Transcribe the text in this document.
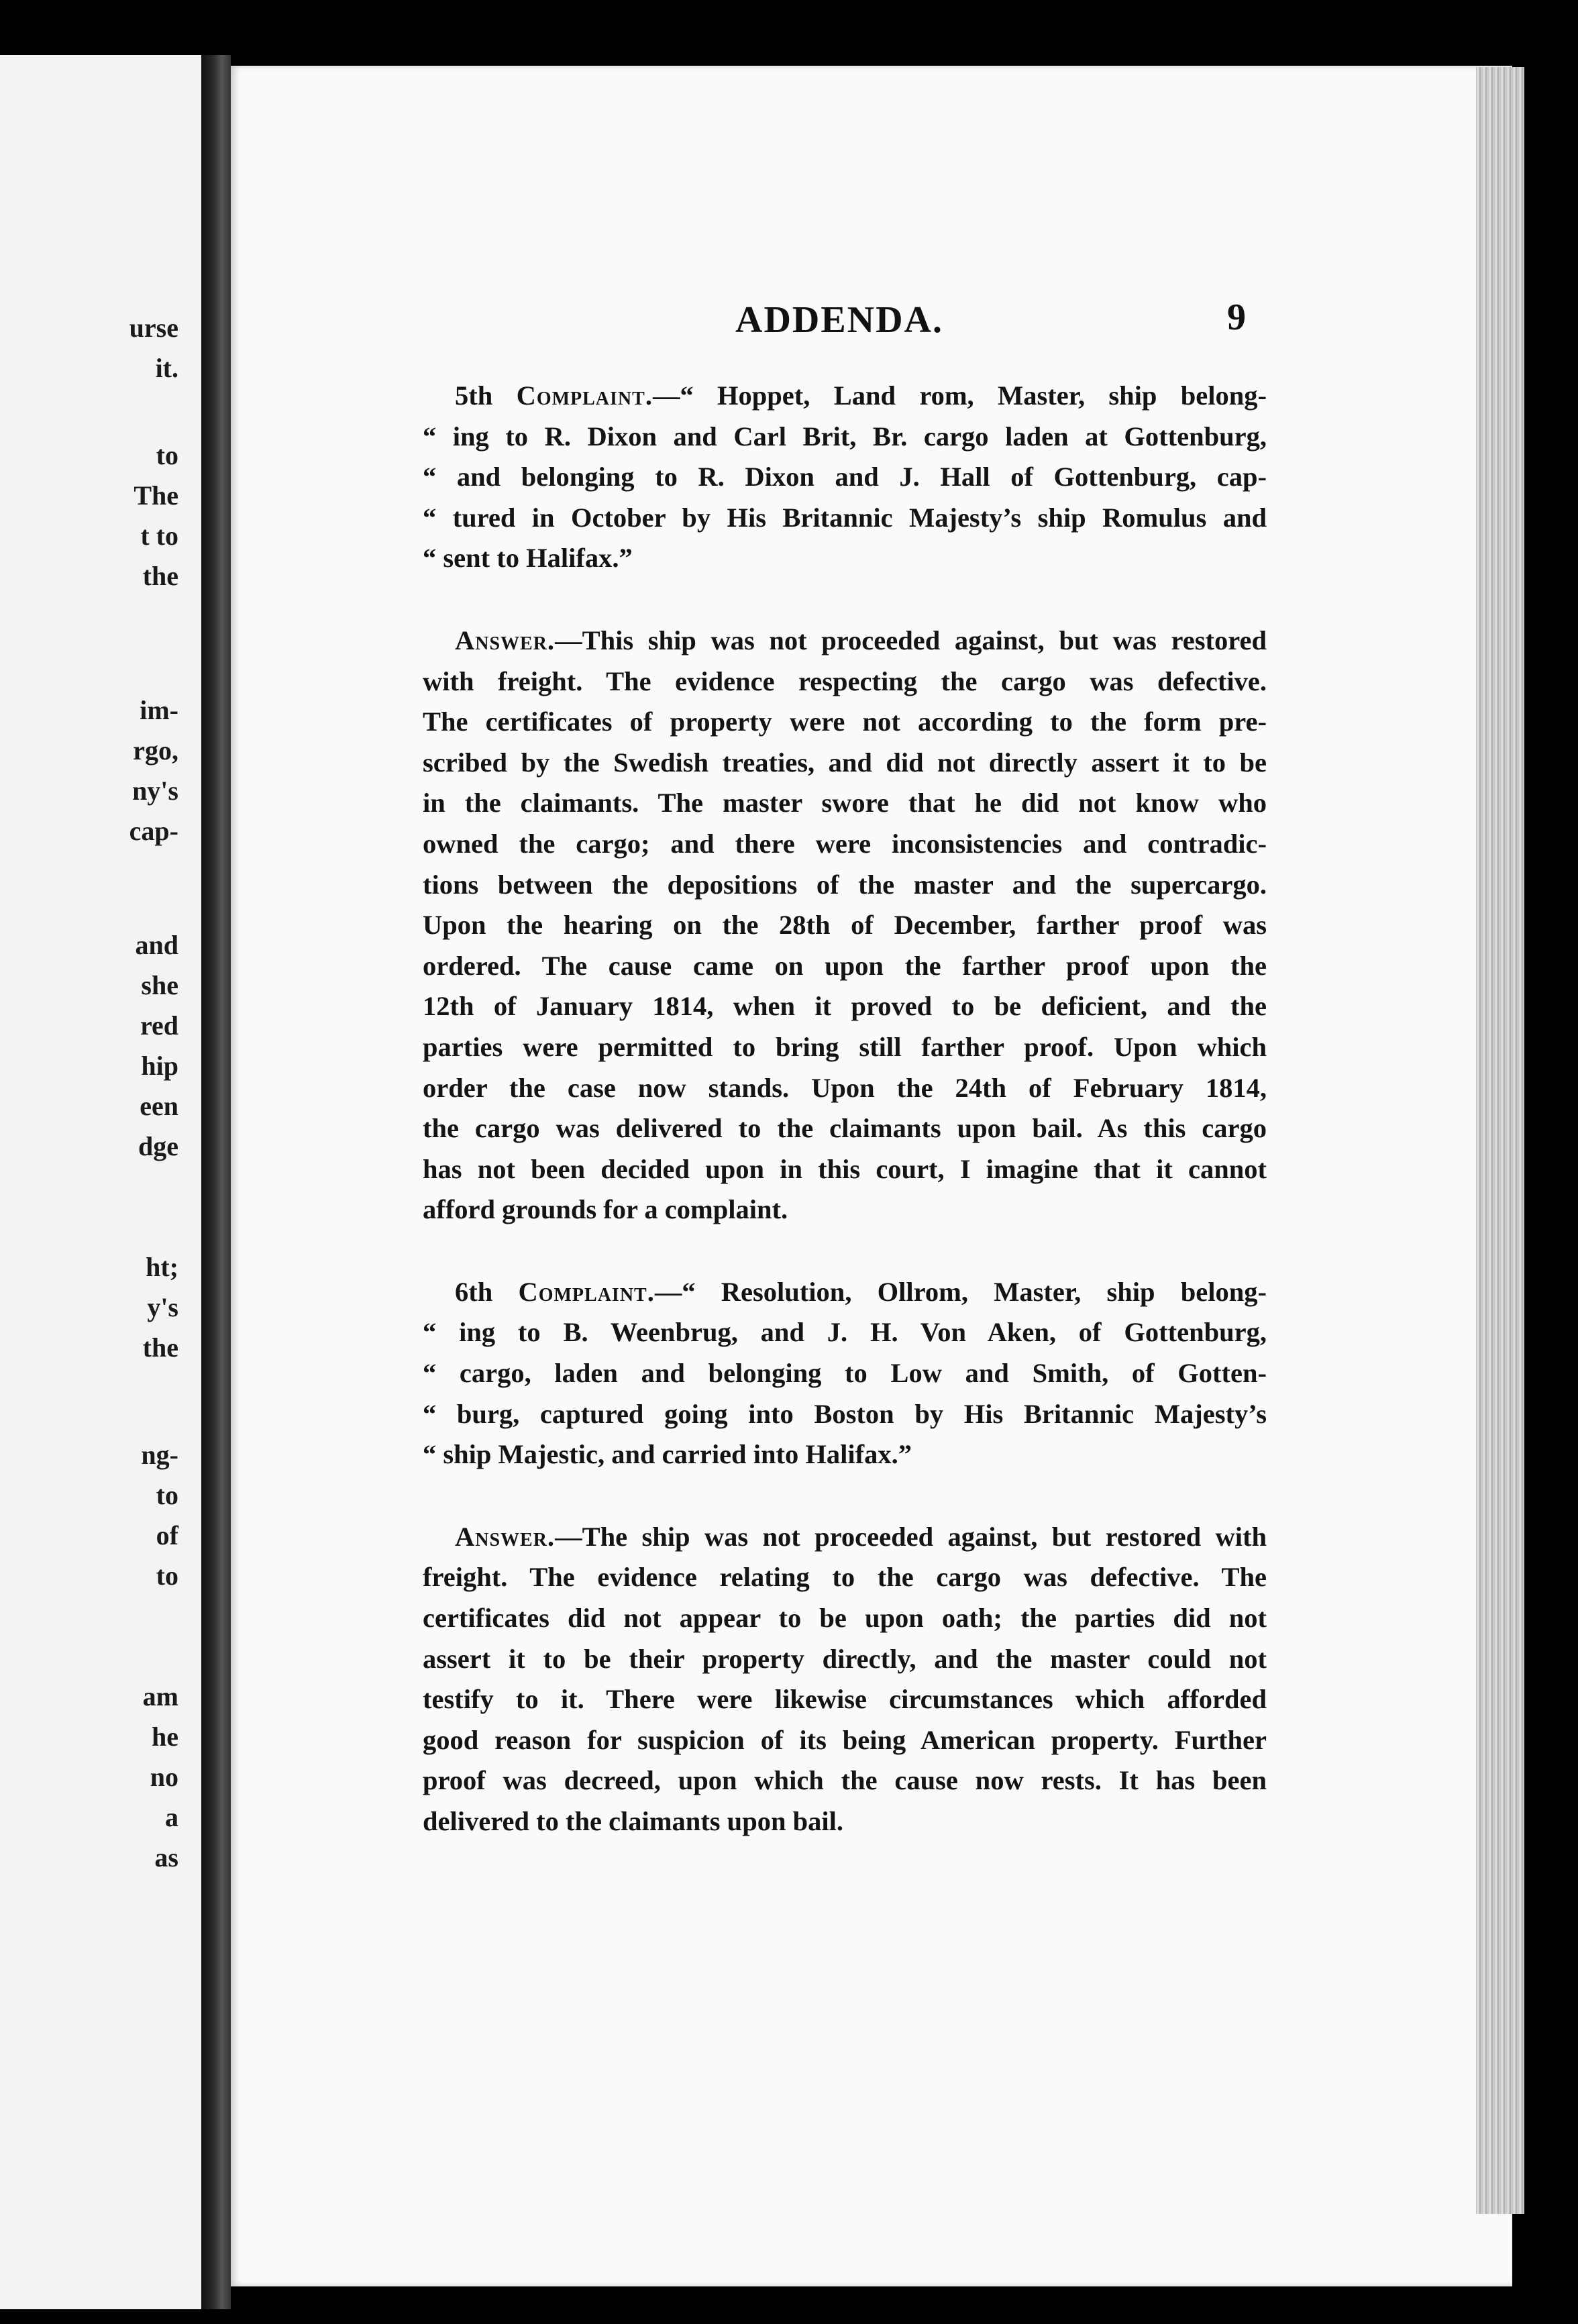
urse
it.
to
The
t to
the
im-
rgo,
ny's
cap-
and
she
red
hip
een
dge
ht;
y's
the
ng-
to
of
to
am
he
no
a
as
ADDENDA.	9
5th Complaint.—“ Hoppet, Land rom, Master, ship belong-
“ ing to R. Dixon and Carl Brit, Br. cargo laden at Gottenburg,
“ and belonging to R. Dixon and J. Hall of Gottenburg, cap-
“ tured in October by His Britannic Majesty’s ship Romulus and
“ sent to Halifax.”
Answer.—This ship was not proceeded against, but was restored
with freight. The evidence respecting the cargo was defective.
The certificates of property were not according to the form pre-
scribed by the Swedish treaties, and did not directly assert it to be
in the claimants. The master swore that he did not know who
owned the cargo; and there were inconsistencies and contradic-
tions between the depositions of the master and the supercargo.
Upon the hearing on the 28th of December, farther proof was
ordered. The cause came on upon the farther proof upon the
12th of January 1814, when it proved to be deficient, and the
parties were permitted to bring still farther proof. Upon which
order the case now stands. Upon the 24th of February 1814,
the cargo was delivered to the claimants upon bail. As this cargo
has not been decided upon in this court, I imagine that it cannot
afford grounds for a complaint.
6th Complaint.—“ Resolution, Ollrom, Master, ship belong-
“ ing to B. Weenbrug, and J. H. Von Aken, of Gottenburg,
“ cargo, laden and belonging to Low and Smith, of Gotten-
“ burg, captured going into Boston by His Britannic Majesty’s
“ ship Majestic, and carried into Halifax.”
Answer.—The ship was not proceeded against, but restored with
freight. The evidence relating to the cargo was defective. The
certificates did not appear to be upon oath; the parties did not
assert it to be their property directly, and the master could not
testify to it. There were likewise circumstances which afforded
good reason for suspicion of its being American property. Further
proof was decreed, upon which the cause now rests. It has been
delivered to the claimants upon bail.
